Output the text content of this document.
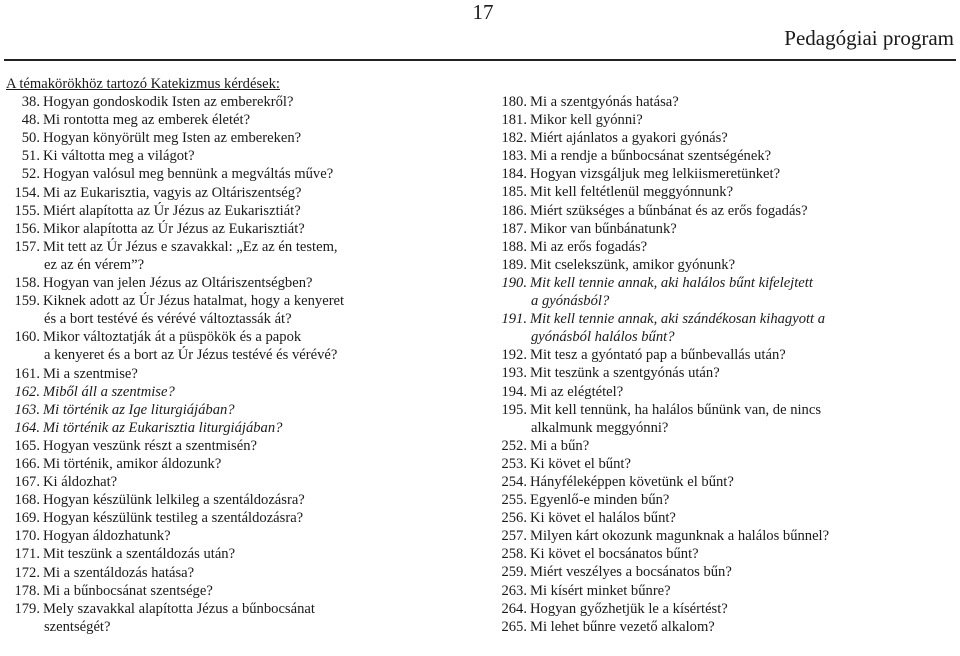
17
Pedagógiai program
A témakörökhöz tartozó Katekizmus kérdések:
38. Hogyan gondoskodik Isten az emberekről?
48. Mi rontotta meg az emberek életét?
50. Hogyan könyörült meg Isten az embereken?
51. Ki váltotta meg a világot?
52. Hogyan valósul meg bennünk a megváltás műve?
154. Mi az Eukarisztia, vagyis az Oltáriszentség?
155. Miért alapította az Úr Jézus az Eukarisztiát?
156. Mikor alapította az Úr Jézus az Eukarisztiát?
157. Mit tett az Úr Jézus e szavakkal: „Ez az én testem,
ez az én vérem”?
158. Hogyan van jelen Jézus az Oltáriszentségben?
159. Kiknek adott az Úr Jézus hatalmat, hogy a kenyeret
és a bort testévé és vérévé változtassák át?
160. Mikor változtatják át a püspökök és a papok
a kenyeret és a bort az Úr Jézus testévé és vérévé?
161. Mi a szentmise?
162. Miből áll a szentmise?
163. Mi történik az Ige liturgiájában?
164. Mi történik az Eukarisztia liturgiájában?
165. Hogyan veszünk részt a szentmisén?
166. Mi történik, amikor áldozunk?
167. Ki áldozhat?
168. Hogyan készülünk lelkileg a szentáldozásra?
169. Hogyan készülünk testileg a szentáldozásra?
170. Hogyan áldozhatunk?
171. Mit teszünk a szentáldozás után?
172. Mi a szentáldozás hatása?
178. Mi a bűnbocsánat szentsége?
179. Mely szavakkal alapította Jézus a bűnbocsánat
szentségét?
180. Mi a szentgyónás hatása?
181. Mikor kell gyónni?
182. Miért ajánlatos a gyakori gyónás?
183. Mi a rendje a bűnbocsánat szentségének?
184. Hogyan vizsgáljuk meg lelkiismeretünket?
185. Mit kell feltétlenül meggyónnunk?
186. Miért szükséges a bűnbánat és az erős fogadás?
187. Mikor van bűnbánatunk?
188. Mi az erős fogadás?
189. Mit cselekszünk, amikor gyónunk?
190. Mit kell tennie annak, aki halálos bűnt kifelejtett
a gyónásból?
191. Mit kell tennie annak, aki szándékosan kihagyott a
gyónásból halálos bűnt?
192. Mit tesz a gyóntató pap a bűnbevallás után?
193. Mit teszünk a szentgyónás után?
194. Mi az elégtétel?
195. Mit kell tennünk, ha halálos bűnünk van, de nincs
alkalmunk meggyónni?
252. Mi a bűn?
253. Ki követ el bűnt?
254. Hányféleképpen követünk el bűnt?
255. Egyenlő-e minden bűn?
256. Ki követ el halálos bűnt?
257. Milyen kárt okozunk magunknak a halálos bűnnel?
258. Ki követ el bocsánatos bűnt?
259. Miért veszélyes a bocsánatos bűn?
263. Mi kísért minket bűnre?
264. Hogyan győzhetjük le a kísértést?
265. Mi lehet bűnre vezető alkalom?
